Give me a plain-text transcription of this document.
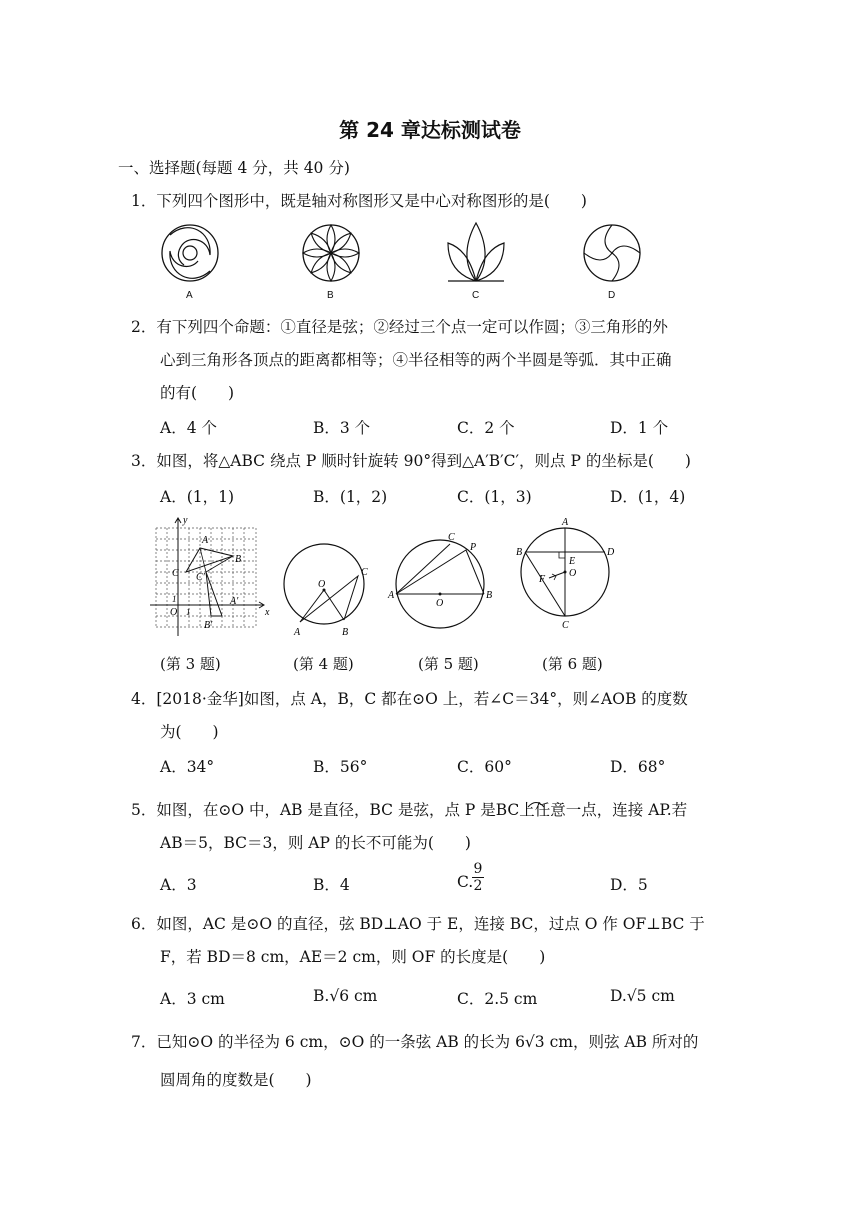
第 24 章达标测试卷
一、选择题(每题 4 分，共 40 分)
1．下列四个图形中，既是轴对称图形又是中心对称图形的是(　　)
A	B	C	D
2．有下列四个命题：①直径是弦；②经过三个点一定可以作圆；③三角形的外
心到三角形各顶点的距离都相等；④半径相等的两个半圆是等弧．其中正确
的有(　　)
A．4 个	B．3 个	C．2 个	D．1 个
3．如图，将△ABC 绕点 P 顺时针旋转 90°得到△A′B′C′，则点 P 的坐标是(　　)
A．(1，1)	B．(1，2)	C．(1，3)	D．(1，4)
y
A
B
C C′
A′
B′
O
1
1	x
O
A	B
C
C
P
A
O
B
A
B	D
E
F
O
C
(第 3 题)	(第 4 题)	(第 5 题)	(第 6 题)
4．[2018·金华]如图，点 A，B，C 都在⊙O 上，若∠C＝34°，则∠AOB 的度数
为(　　)
A．34°	B．56°	C．60°	D．68°
5．如图，在⊙O 中，AB 是直径，BC 是弦，点 P 是BC上任意一点，连接 AP.若
AB＝5，BC＝3，则 AP 的长不可能为(　　)
A．3	B．4	C.
$\frac{9}{2}$	D．5
6．如图，AC 是⊙O 的直径，弦 BD⊥AO 于 E，连接 BC，过点 O 作 OF⊥BC 于
F，若 BD＝8 cm，AE＝2 cm，则 OF 的长度是(　　)
A．3 cm	B.√6 cm	C．2.5 cm	D.√5 cm
7．已知⊙O 的半径为 6 cm，⊙O 的一条弦 AB 的长为 6√3 cm，则弦 AB 所对的
圆周角的度数是(　　)
